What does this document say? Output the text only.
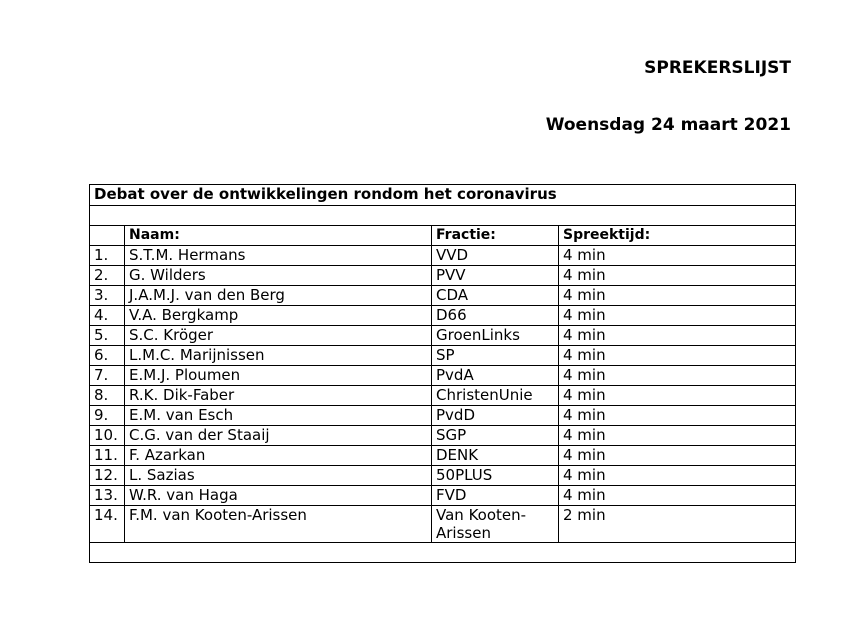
SPREKERSLIJST
Woensdag 24 maart 2021
Debat over de ontwikkelingen rondom het coronavirus			

	Naam:	Fractie:	Spreektijd:
1.	S.T.M. Hermans	VVD	4 min
2.	G. Wilders	PVV	4 min
3.	J.A.M.J. van den Berg	CDA	4 min
4.	V.A. Bergkamp	D66	4 min
5.	S.C. Kröger	GroenLinks	4 min
6.	L.M.C. Marijnissen	SP	4 min
7.	E.M.J. Ploumen	PvdA	4 min
8.	R.K. Dik-Faber	ChristenUnie	4 min
9.	E.M. van Esch	PvdD	4 min
10.	C.G. van der Staaij	SGP	4 min
11.	F. Azarkan	DENK	4 min
12.	L. Sazias	50PLUS	4 min
13.	W.R. van Haga	FVD	4 min
14.	F.M. van Kooten-Arissen	Van Kooten-Arissen	2 min
